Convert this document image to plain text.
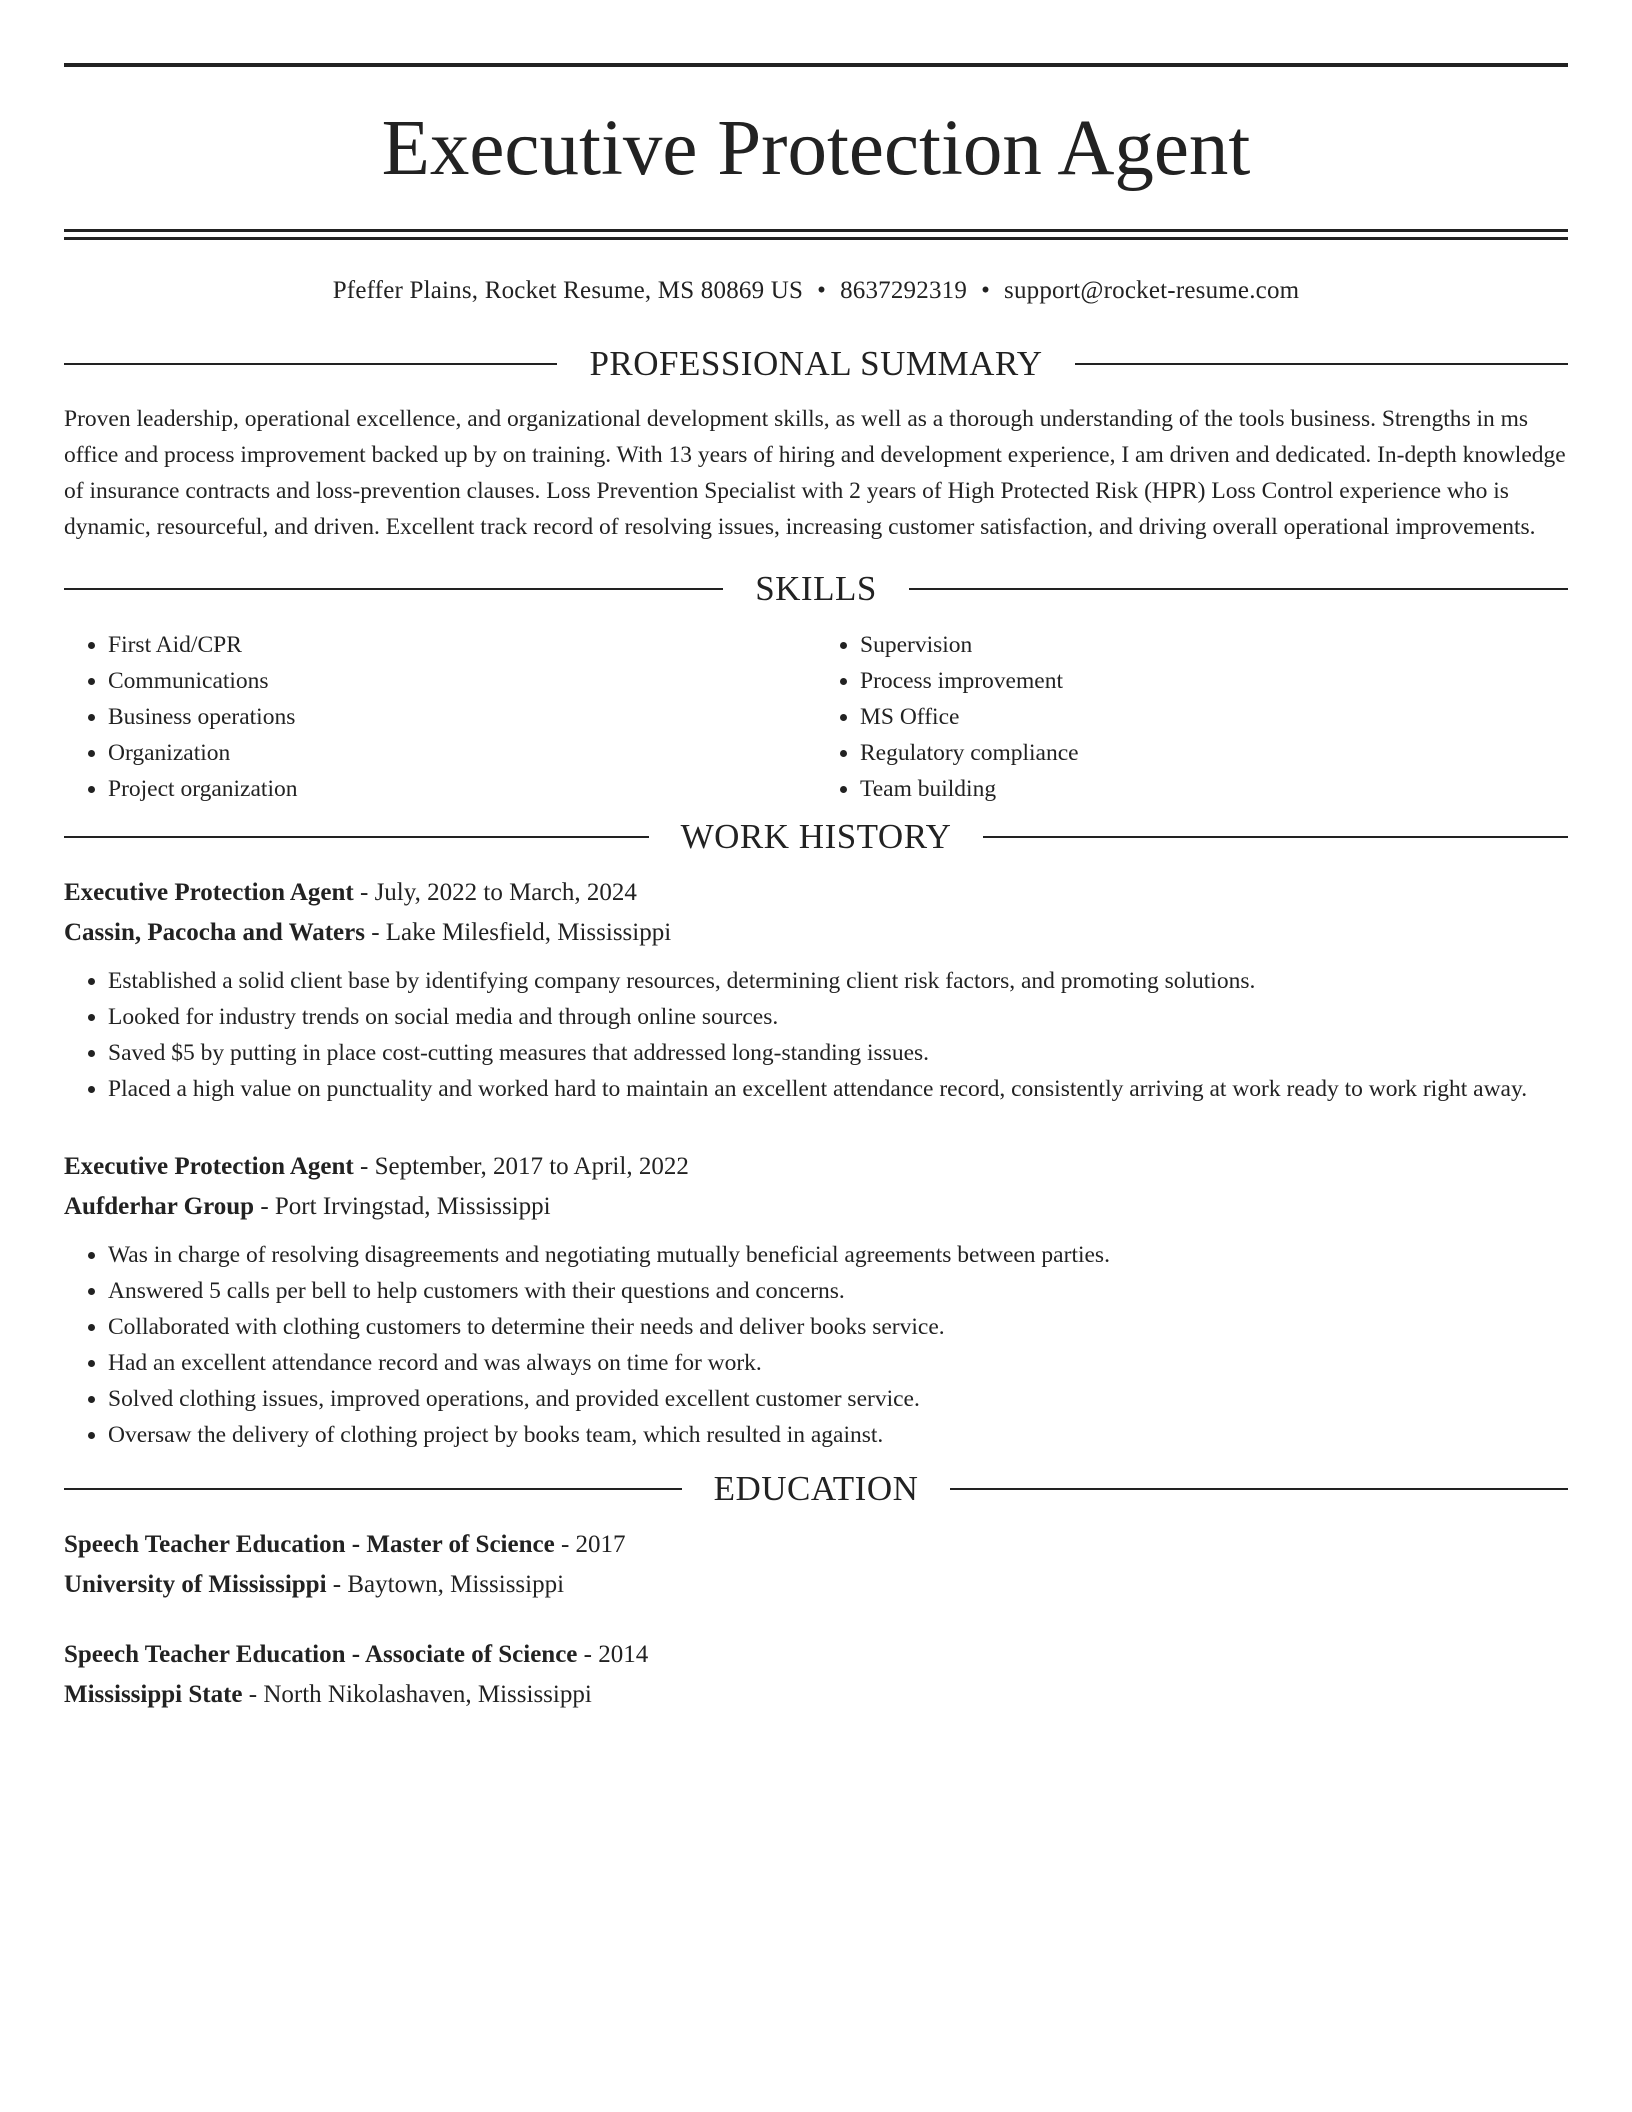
Executive Protection Agent
Pfeffer Plains, Rocket Resume, MS 80869 US • 8637292319 • support@rocket-resume.com
PROFESSIONAL SUMMARY

Proven leadership, operational excellence, and organizational development skills, as well as a thorough understanding of the tools business. Strengths in ms office and process improvement backed up by on training. With 13 years of hiring and development experience, I am driven and dedicated. In-depth knowledge of insurance contracts and loss-prevention clauses. Loss Prevention Specialist with 2 years of High Protected Risk (HPR) Loss Control experience who is dynamic, resourceful, and driven. Excellent track record of resolving issues, increasing customer satisfaction, and driving overall operational improvements.

SKILLS
• First Aid/CPR
• Communications
• Business operations
• Organization
• Project organization
• Supervision
• Process improvement
• MS Office
• Regulatory compliance
• Team building
WORK HISTORY
Executive Protection Agent - July, 2022 to March, 2024
Cassin, Pacocha and Waters - Lake Milesfield, Mississippi
• Established a solid client base by identifying company resources, determining client risk factors, and promoting solutions.
• Looked for industry trends on social media and through online sources.
• Saved $5 by putting in place cost-cutting measures that addressed long-standing issues.
• Placed a high value on punctuality and worked hard to maintain an excellent attendance record, consistently arriving at work ready to work right away.
Executive Protection Agent - September, 2017 to April, 2022
Aufderhar Group - Port Irvingstad, Mississippi
• Was in charge of resolving disagreements and negotiating mutually beneficial agreements between parties.
• Answered 5 calls per bell to help customers with their questions and concerns.
• Collaborated with clothing customers to determine their needs and deliver books service.
• Had an excellent attendance record and was always on time for work.
• Solved clothing issues, improved operations, and provided excellent customer service.
• Oversaw the delivery of clothing project by books team, which resulted in against.
EDUCATION
Speech Teacher Education - Master of Science - 2017
University of Mississippi - Baytown, Mississippi
Speech Teacher Education - Associate of Science - 2014
Mississippi State - North Nikolashaven, Mississippi
